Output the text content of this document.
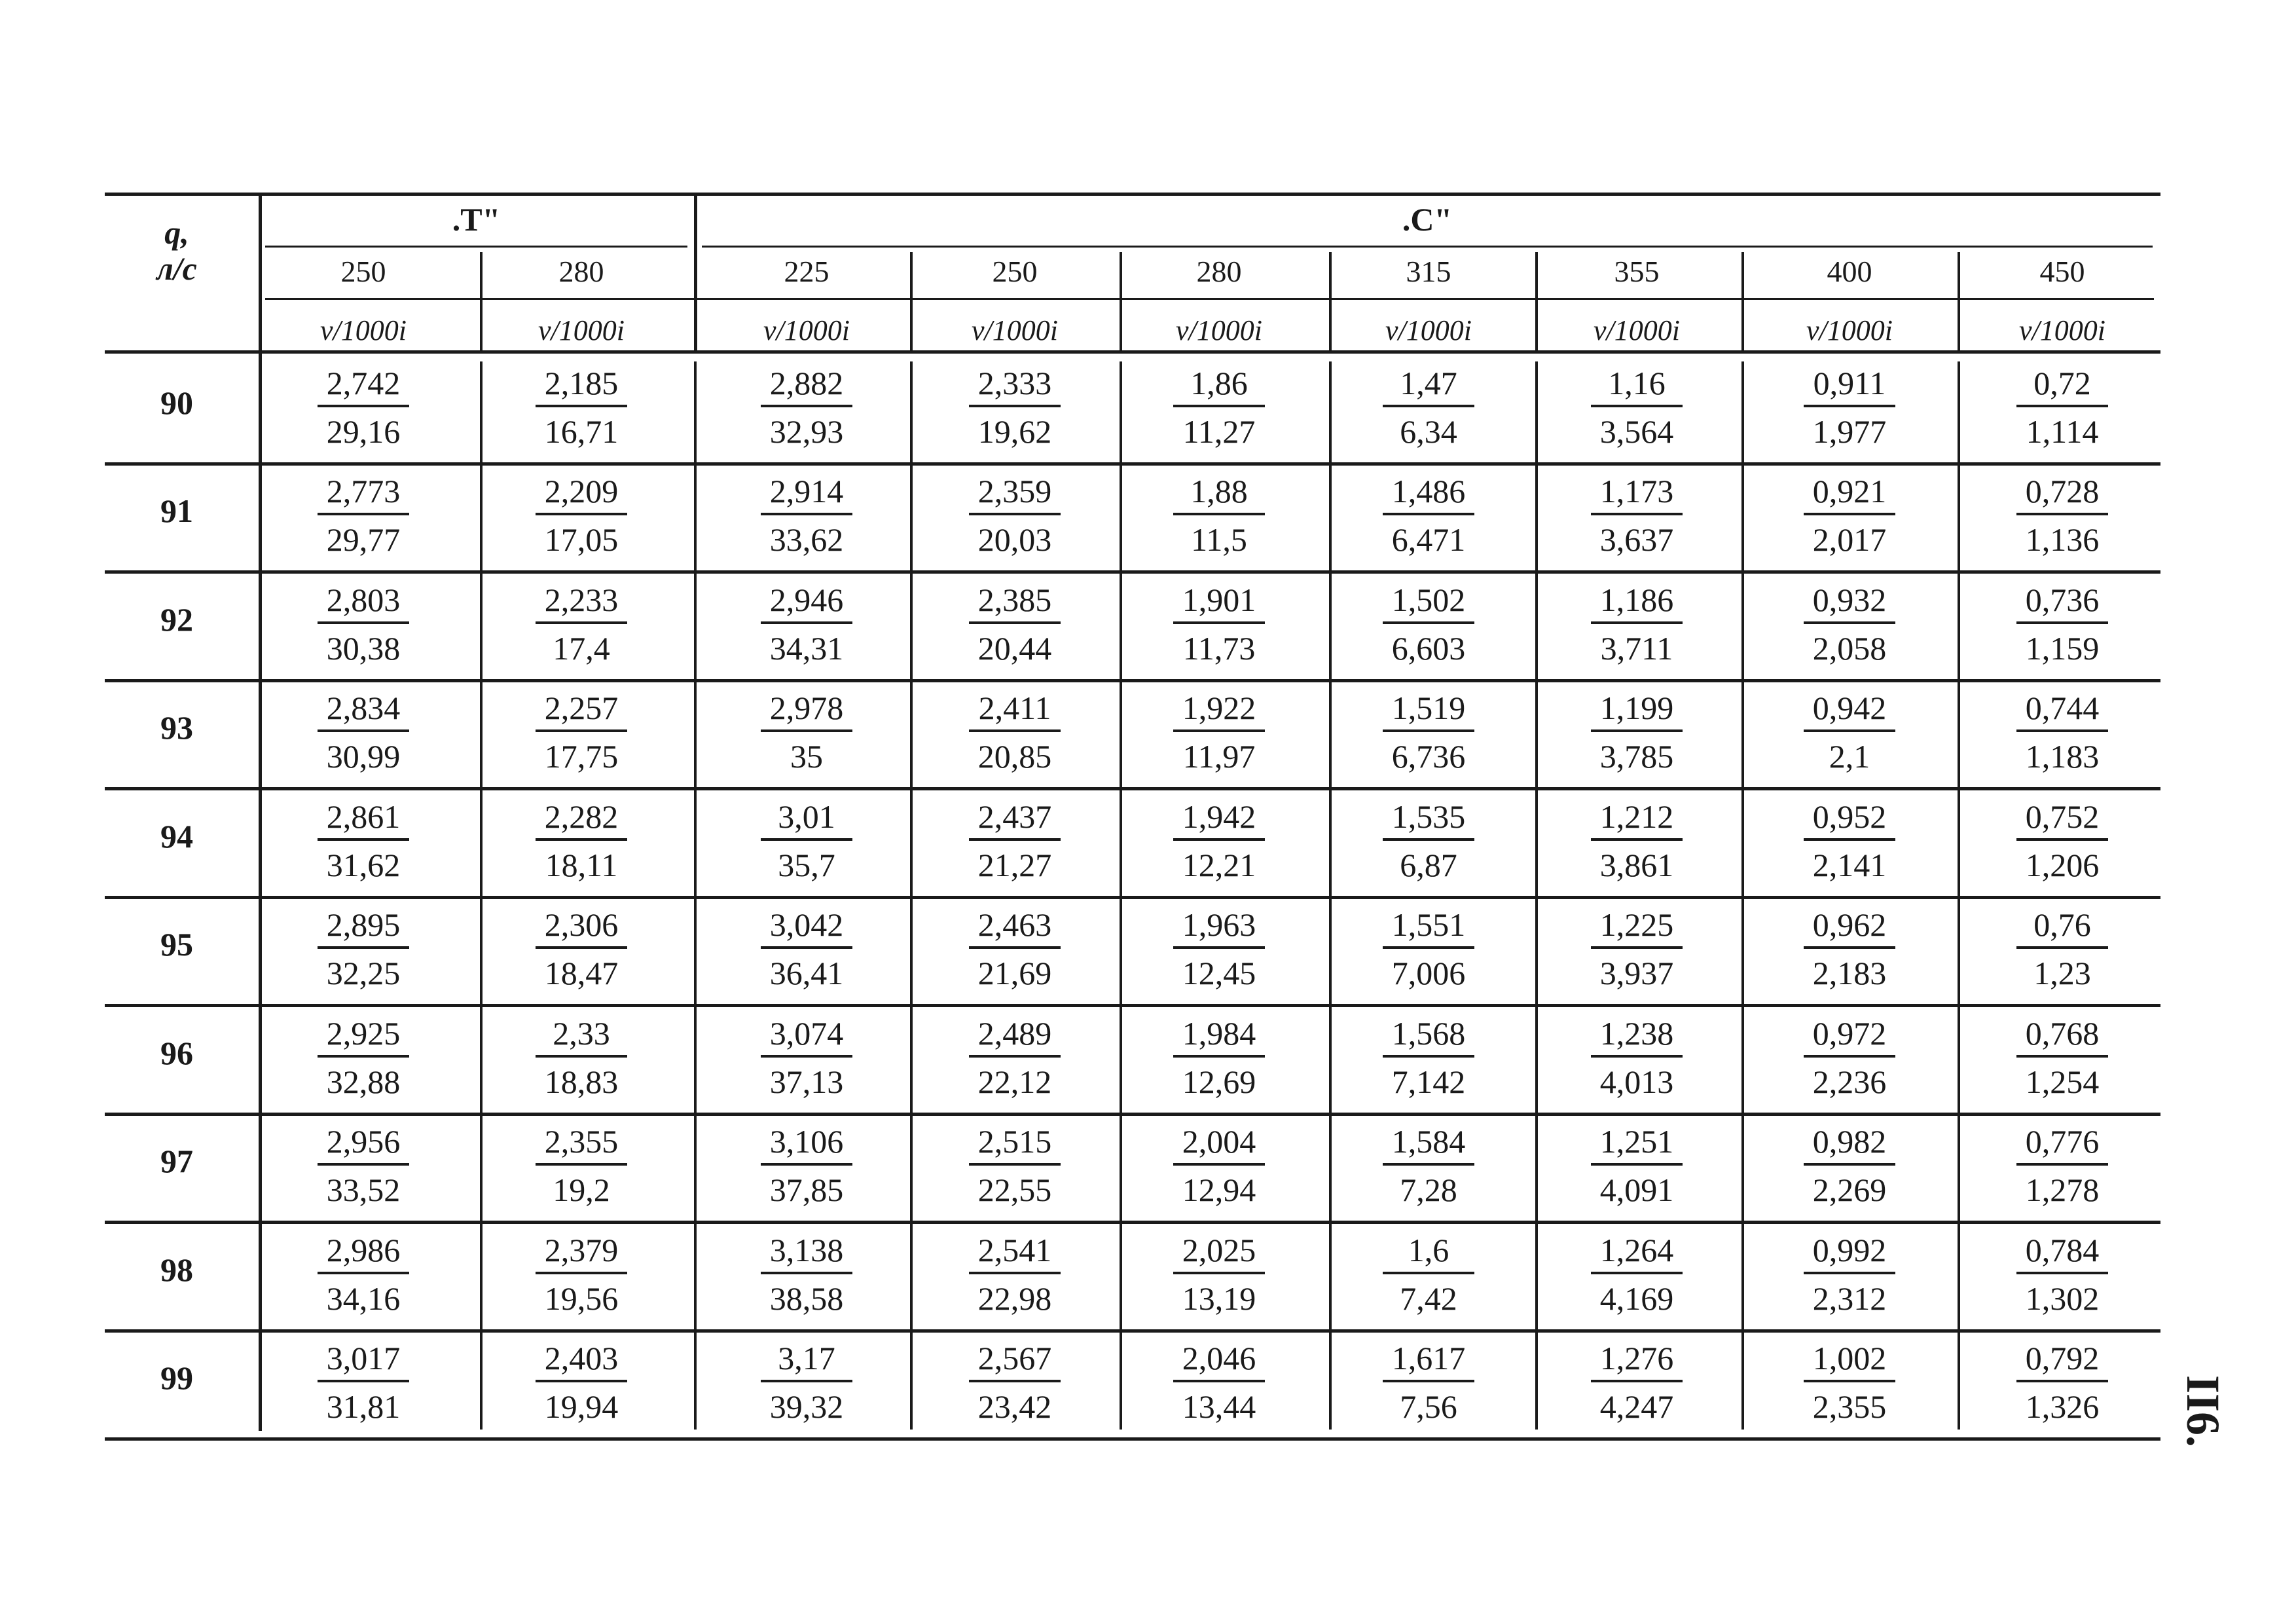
q,
л/с
.T"	.C"
250
v/1000i
280
v/1000i
225
v/1000i
250
v/1000i
280
v/1000i
315
v/1000i
355
v/1000i
400
v/1000i
450
v/1000i
90
2,742
29,16
2,185
16,71
2,882
32,93
2,333
19,62
1,86
11,27
1,47
6,34
1,16
3,564
0,911
1,977
0,72
1,114
91
2,773
29,77
2,209
17,05
2,914
33,62
2,359
20,03
1,88
11,5
1,486
6,471
1,173
3,637
0,921
2,017
0,728
1,136
92
2,803
30,38
2,233
17,4
2,946
34,31
2,385
20,44
1,901
11,73
1,502
6,603
1,186
3,711
0,932
2,058
0,736
1,159
93
2,834
30,99
2,257
17,75
2,978
35
2,411
20,85
1,922
11,97
1,519
6,736
1,199
3,785
0,942
2,1
0,744
1,183
94
2,861
31,62
2,282
18,11
3,01
35,7
2,437
21,27
1,942
12,21
1,535
6,87
1,212
3,861
0,952
2,141
0,752
1,206
95
2,895
32,25
2,306
18,47
3,042
36,41
2,463
21,69
1,963
12,45
1,551
7,006
1,225
3,937
0,962
2,183
0,76
1,23
96
2,925
32,88
2,33
18,83
3,074
37,13
2,489
22,12
1,984
12,69
1,568
7,142
1,238
4,013
0,972
2,236
0,768
1,254
97
2,956
33,52
2,355
19,2
3,106
37,85
2,515
22,55
2,004
12,94
1,584
7,28
1,251
4,091
0,982
2,269
0,776
1,278
98
2,986
34,16
2,379
19,56
3,138
38,58
2,541
22,98
2,025
13,19
1,6
7,42
1,264
4,169
0,992
2,312
0,784
1,302
99
3,017
31,81
2,403
19,94
3,17
39,32
2,567
23,42
2,046
13,44
1,617
7,56
1,276
4,247
1,002
2,355
0,792
1,326 II6.
